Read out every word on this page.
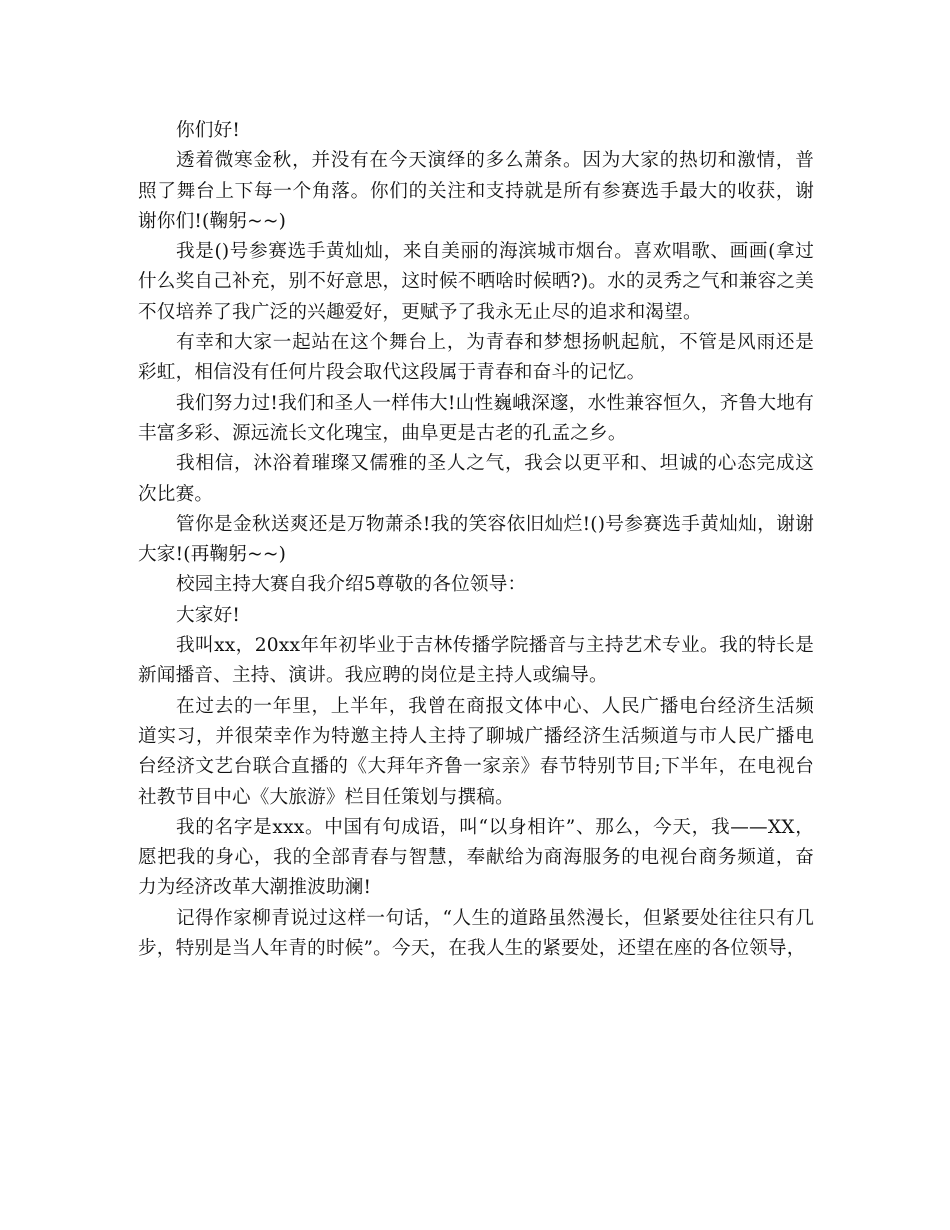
你们好!

透着微寒金秋，并没有在今天演绎的多么萧条。因为大家的热切和激情，普照了舞台上下每一个角落。你们的关注和支持就是所有参赛选手最大的收获，谢谢你们!(鞠躬~~)

我是()号参赛选手黄灿灿，来自美丽的海滨城市烟台。喜欢唱歌、画画(拿过什么奖自己补充，别不好意思，这时候不晒啥时候晒?)。水的灵秀之气和兼容之美不仅培养了我广泛的兴趣爱好，更赋予了我永无止尽的追求和渴望。

有幸和大家一起站在这个舞台上，为青春和梦想扬帆起航，不管是风雨还是彩虹，相信没有任何片段会取代这段属于青春和奋斗的记忆。

我们努力过!我们和圣人一样伟大!山性巍峨深邃，水性兼容恒久，齐鲁大地有丰富多彩、源远流长文化瑰宝，曲阜更是古老的孔孟之乡。

我相信，沐浴着璀璨又儒雅的圣人之气，我会以更平和、坦诚的心态完成这次比赛。

管你是金秋送爽还是万物萧杀!我的笑容依旧灿烂!()号参赛选手黄灿灿，谢谢大家!(再鞠躬~~)

校园主持大赛自我介绍5尊敬的各位领导：

大家好!

我叫xx，20xx年年初毕业于吉林传播学院播音与主持艺术专业。我的特长是新闻播音、主持、演讲。我应聘的岗位是主持人或编导。

在过去的一年里，上半年，我曾在商报文体中心、人民广播电台经济生活频道实习，并很荣幸作为特邀主持人主持了聊城广播经济生活频道与市人民广播电台经济文艺台联合直播的《大拜年齐鲁一家亲》春节特别节目;下半年，在电视台社教节目中心《大旅游》栏目任策划与撰稿。

我的名字是xxx。中国有句成语，叫“以身相许”、那么，今天，我——XX，愿把我的身心，我的全部青春与智慧，奉献给为商海服务的电视台商务频道，奋力为经济改革大潮推波助澜!

记得作家柳青说过这样一句话，“人生的道路虽然漫长，但紧要处往往只有几步，特别是当人年青的时候”。今天，在我人生的紧要处，还望在座的各位领导，
